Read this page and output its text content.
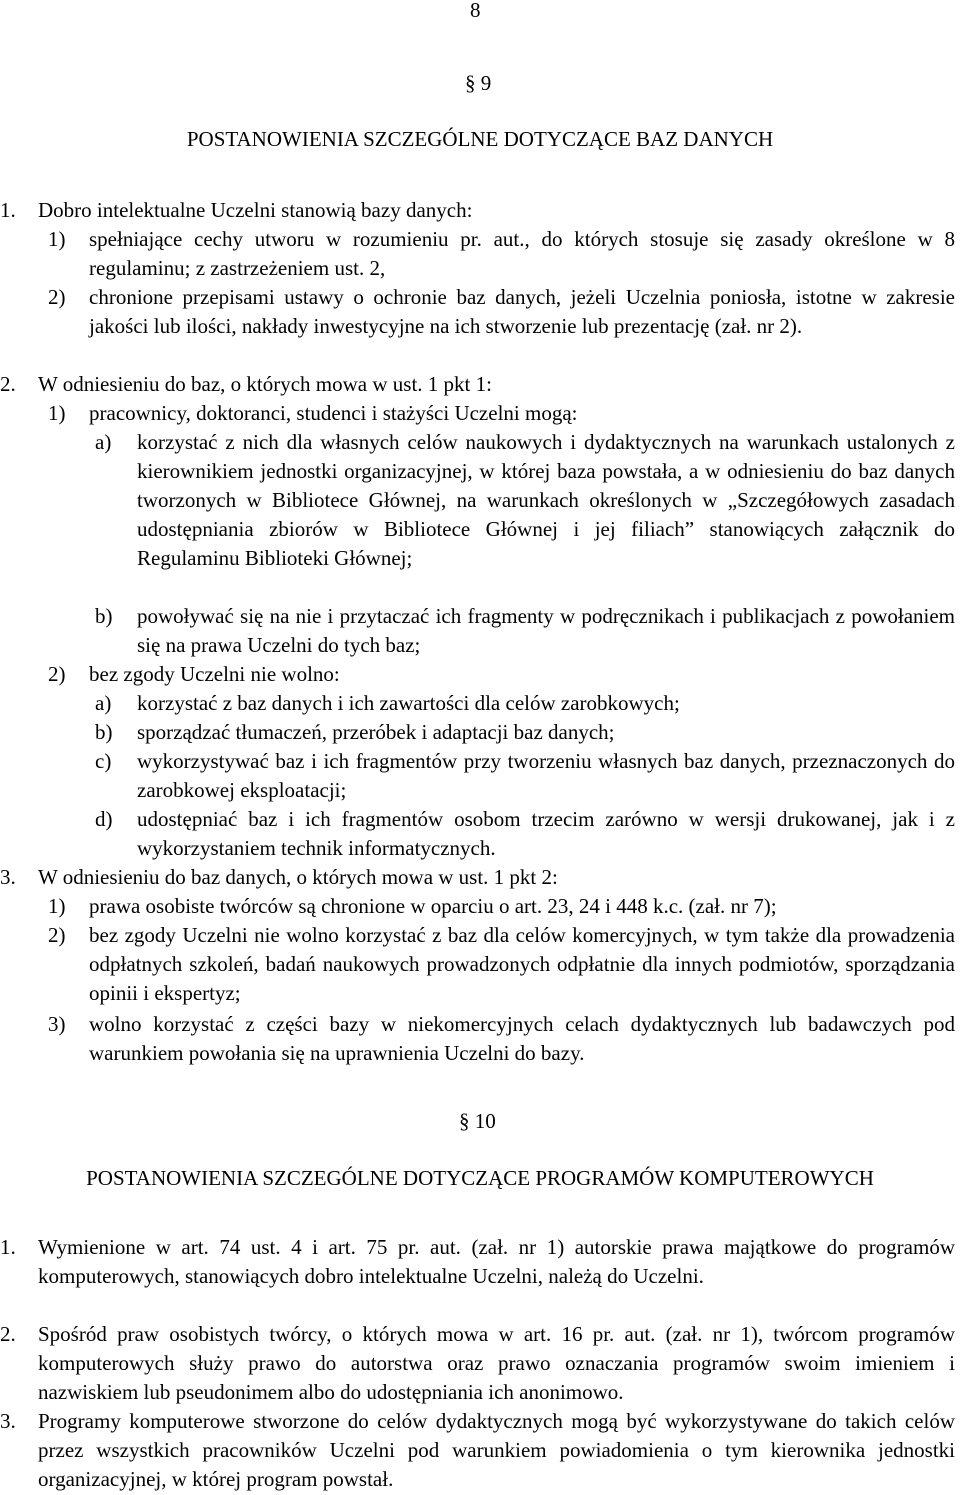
8

§ 9

POSTANOWIENIA SZCZEGÓLNE DOTYCZĄCE BAZ DANYCH
1.	Dobro intelektualne Uczelni stanowią bazy danych:
1)	spełniające cechy utworu w rozumieniu pr. aut., do których stosuje się zasady określone w 8 regulaminu; z zastrzeżeniem ust. 2,
2)	chronione przepisami ustawy o ochronie baz danych, jeżeli Uczelnia poniosła, istotne w zakresie jakości lub ilości, nakłady inwestycyjne na ich stworzenie lub prezentację (zał. nr 2).
2.	W odniesieniu do baz, o których mowa w ust. 1 pkt 1:
1)	pracownicy, doktoranci, studenci i stażyści Uczelni mogą:
a)	korzystać z nich dla własnych celów naukowych i dydaktycznych na warunkach ustalonych z kierownikiem jednostki organizacyjnej, w której baza powstała, a w odniesieniu do baz danych tworzonych w Bibliotece Głównej, na warunkach określonych w „Szczegółowych zasadach udostępniania zbiorów w Bibliotece Głównej i jej filiach” stanowiących załącznik do Regulaminu Biblioteki Głównej;
b)	powoływać się na nie i przytaczać ich fragmenty w podręcznikach i publikacjach z powołaniem się na prawa Uczelni do tych baz;
2)	bez zgody Uczelni nie wolno:
a)	korzystać z baz danych i ich zawartości dla celów zarobkowych;
b)	sporządzać tłumaczeń, przeróbek i adaptacji baz danych;
c)	wykorzystywać baz i ich fragmentów przy tworzeniu własnych baz danych, przeznaczonych do zarobkowej eksploatacji;
d)	udostępniać baz i ich fragmentów osobom trzecim zarówno w wersji drukowanej, jak i z wykorzystaniem technik informatycznych.
3.	W odniesieniu do baz danych, o których mowa w ust. 1 pkt 2:
1)	prawa osobiste twórców są chronione w oparciu o art. 23, 24 i 448 k.c. (zał. nr 7);
2)	bez zgody Uczelni nie wolno korzystać z baz dla celów komercyjnych, w tym także dla prowadzenia odpłatnych szkoleń, badań naukowych prowadzonych odpłatnie dla innych podmiotów, sporządzania opinii i ekspertyz;
3)	wolno korzystać z części bazy w niekomercyjnych celach dydaktycznych lub badawczych pod warunkiem powołania się na uprawnienia Uczelni do bazy.

§ 10

POSTANOWIENIA SZCZEGÓLNE DOTYCZĄCE PROGRAMÓW KOMPUTEROWYCH
1.	Wymienione w art. 74 ust. 4 i art. 75 pr. aut. (zał. nr 1) autorskie prawa majątkowe do programów komputerowych, stanowiących dobro intelektualne Uczelni, należą do Uczelni.
2.	Spośród praw osobistych twórcy, o których mowa w art. 16 pr. aut. (zał. nr 1), twórcom programów komputerowych służy prawo do autorstwa oraz prawo oznaczania programów swoim imieniem i nazwiskiem lub pseudonimem albo do udostępniania ich anonimowo.
3.	Programy komputerowe stworzone do celów dydaktycznych mogą być wykorzystywane do takich celów przez wszystkich pracowników Uczelni pod warunkiem powiadomienia o tym kierownika jednostki organizacyjnej, w której program powstał.
